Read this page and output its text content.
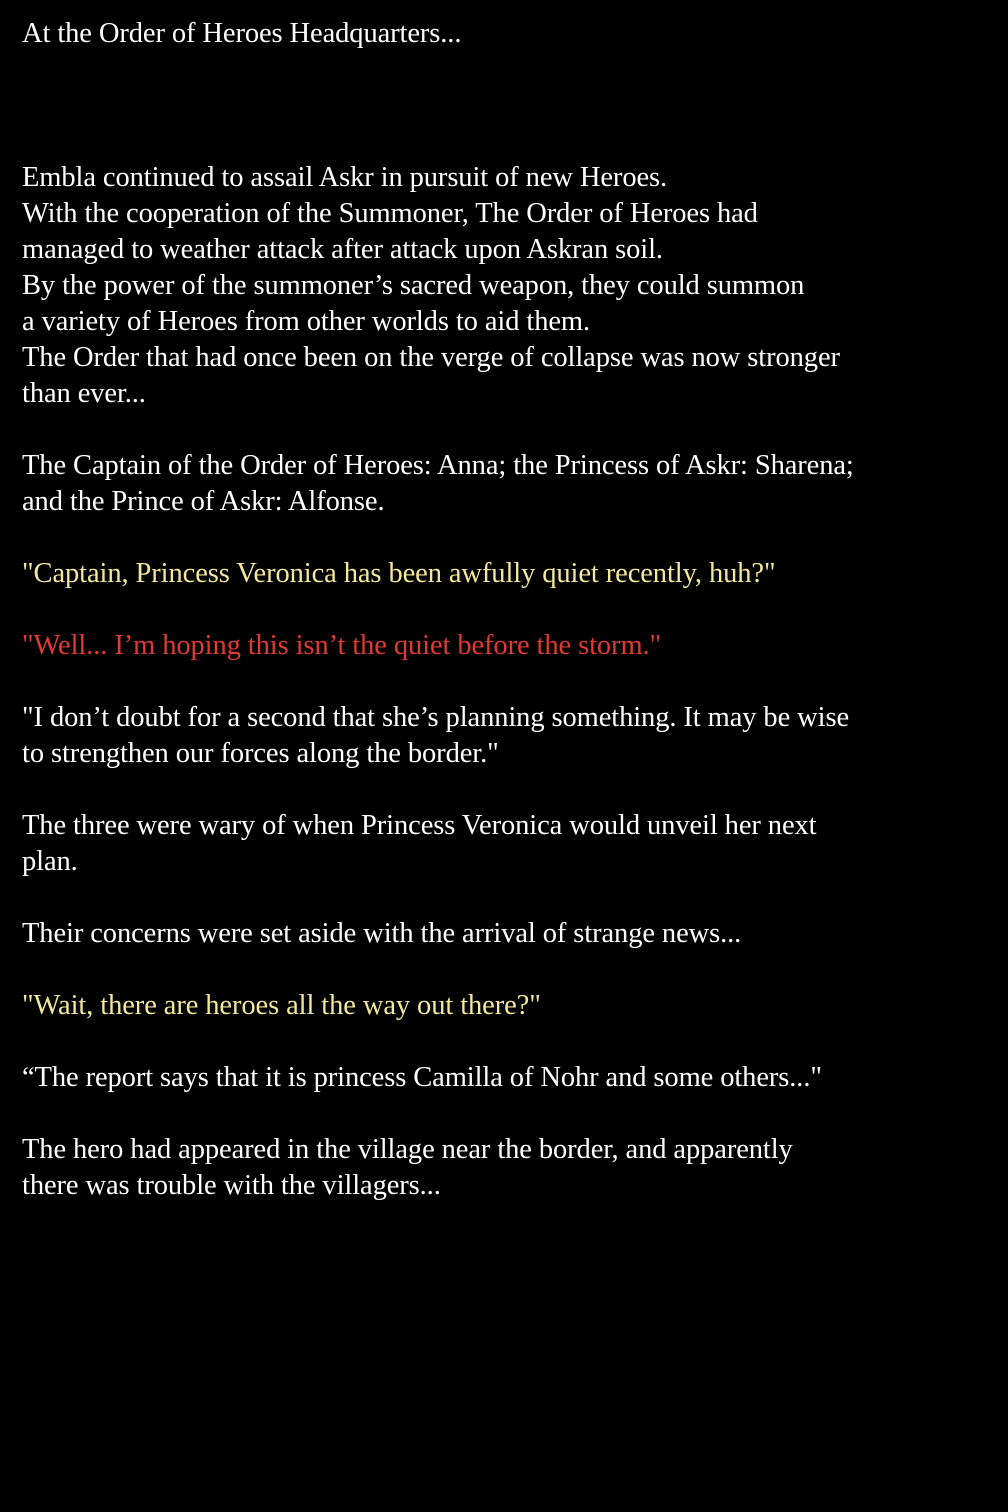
At the Order of Heroes Headquarters...
Embla continued to assail Askr in pursuit of new Heroes.
With the cooperation of the Summoner, The Order of Heroes had
managed to weather attack after attack upon Askran soil.
By the power of the summoner’s sacred weapon, they could summon
a variety of Heroes from other worlds to aid them.
The Order that had once been on the verge of collapse was now stronger
than ever...
The Captain of the Order of Heroes: Anna; the Princess of Askr: Sharena;
and the Prince of Askr: Alfonse.
"Captain, Princess Veronica has been awfully quiet recently, huh?"
"Well... I’m hoping this isn’t the quiet before the storm."
"I don’t doubt for a second that she’s planning something. It may be wise
to strengthen our forces along the border."
The three were wary of when Princess Veronica would unveil her next
plan.
Their concerns were set aside with the arrival of strange news...
"Wait, there are heroes all the way out there?"
“The report says that it is princess Camilla of Nohr and some others..."
The hero had appeared in the village near the border, and apparently
there was trouble with the villagers...
